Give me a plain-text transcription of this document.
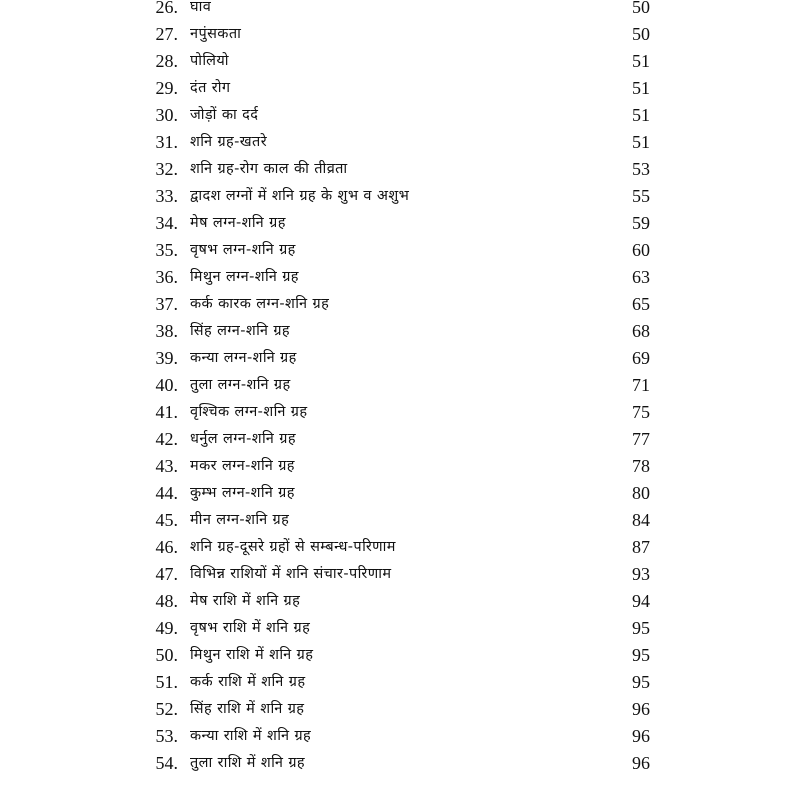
26. घाव	50
27. नपुंसकता	50
28. पोलियो	51
29. दंत रोग	51
30. जोड़ों का दर्द	51
31. शनि ग्रह-खतरे	51
32. शनि ग्रह-रोग काल की तीव्रता	53
33. द्वादश लग्नों में शनि ग्रह के शुभ व अशुभ	55
34. मेष लग्न-शनि ग्रह	59
35. वृषभ लग्न-शनि ग्रह	60
36. मिथुन लग्न-शनि ग्रह	63
37. कर्क कारक लग्न-शनि ग्रह	65
38. सिंह लग्न-शनि ग्रह	68
39. कन्या लग्न-शनि ग्रह	69
40. तुला लग्न-शनि ग्रह	71
41. वृश्चिक लग्न-शनि ग्रह	75
42. धर्नुल लग्न-शनि ग्रह	77
43. मकर लग्न-शनि ग्रह	78
44. कुम्भ लग्न-शनि ग्रह	80
45. मीन लग्न-शनि ग्रह	84
46. शनि ग्रह-दूसरे ग्रहों से सम्बन्ध-परिणाम	87
47. विभिन्न राशियों में शनि संचार-परिणाम	93
48. मेष राशि में शनि ग्रह	94
49. वृषभ राशि में शनि ग्रह	95
50. मिथुन राशि में शनि ग्रह	95
51. कर्क राशि में शनि ग्रह	95
52. सिंह राशि में शनि ग्रह	96
53. कन्या राशि में शनि ग्रह	96
54. तुला राशि में शनि ग्रह	96
